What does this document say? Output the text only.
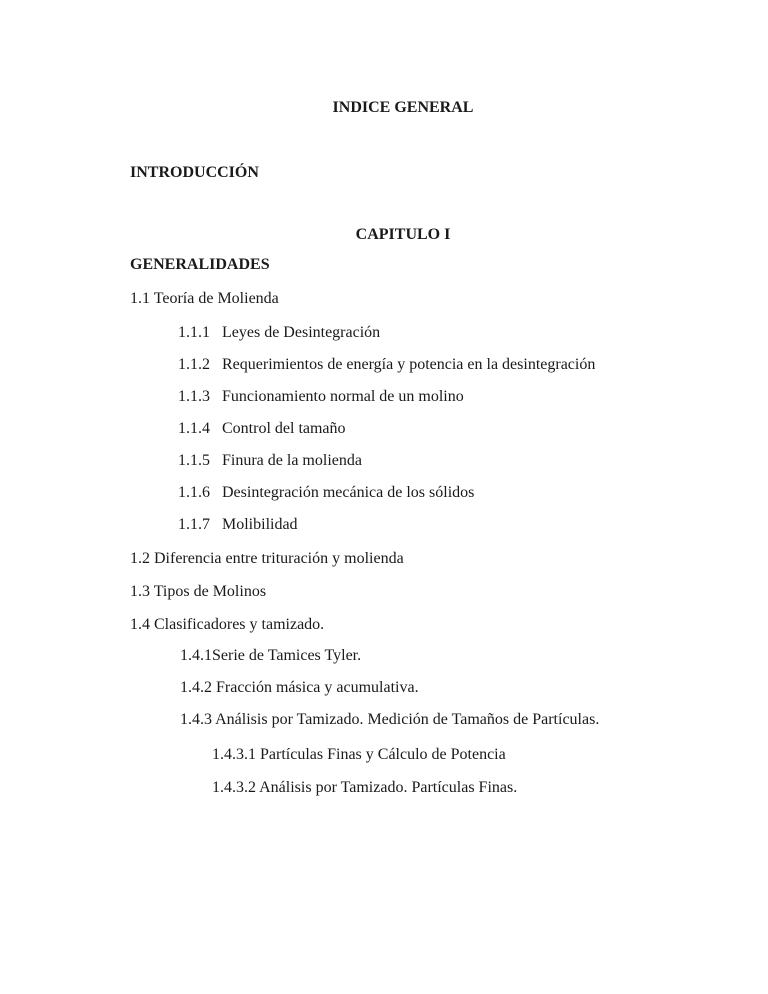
INDICE GENERAL

INTRODUCCIÓN

CAPITULO I

GENERALIDADES

1.1 Teoría de Molienda

1.1.1   Leyes de Desintegración

1.1.2   Requerimientos de energía y potencia en la desintegración

1.1.3   Funcionamiento normal de un molino

1.1.4   Control del tamaño

1.1.5   Finura de la molienda

1.1.6   Desintegración mecánica de los sólidos

1.1.7   Molibilidad

1.2 Diferencia entre trituración y molienda

1.3 Tipos de Molinos

1.4 Clasificadores y tamizado.

1.4.1Serie de Tamices Tyler.

1.4.2 Fracción másica y acumulativa.

1.4.3 Análisis por Tamizado. Medición de Tamaños de Partículas.

1.4.3.1 Partículas Finas y Cálculo de Potencia

1.4.3.2 Análisis por Tamizado. Partículas Finas.
